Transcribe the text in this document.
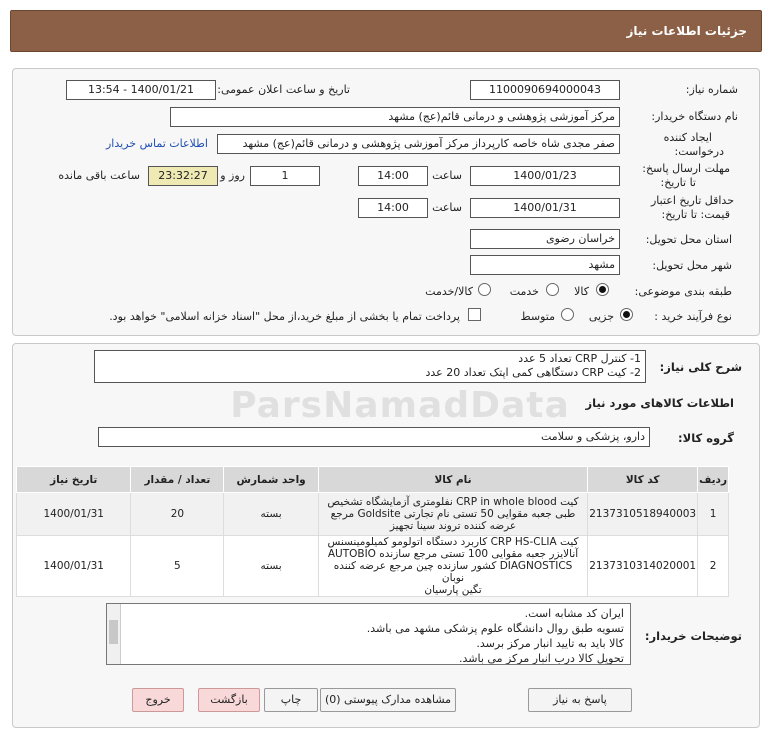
جزئیات اطلاعات نیاز
شماره نیاز:
1100090694000043
تاریخ و ساعت اعلان عمومی:
1400/01/21 - 13:54
نام دستگاه خریدار:
مرکز آموزشی پژوهشی و درمانی قائم(عج) مشهد
ایجاد کننده
درخواست:
صفر مجدی شاه خاصه کارپرداز مرکز آموزشی پژوهشی و درمانی قائم(عج) مشهد
اطلاعات تماس خریدار
مهلت ارسال پاسخ:
تا تاریخ:
1400/01/23
ساعت
14:00
1
روز و
23:32:27
ساعت باقی مانده
حداقل تاریخ اعتبار
قیمت: تا تاریخ:
1400/01/31
ساعت
14:00
استان محل تحویل:
خراسان رضوی
شهر محل تحویل:
مشهد
طبقه بندی موضوعی:
کالا
خدمت
کالا/خدمت
نوع فرآیند خرید :
جزیی
متوسط
پرداخت تمام یا بخشی از مبلغ خرید،از محل "اسناد خزانه اسلامی" خواهد بود.
شرح کلی نیاز:
1- کنترل CRP تعداد 5 عدد
2- کیت CRP دستگاهی کمی اپتک تعداد 20 عدد
اطلاعات کالاهای مورد نیاز
گروه کالا:
دارو، پزشکی و سلامت
ردیف	کد کالا	نام کالا	واحد شمارش	تعداد / مقدار	تاریخ نیاز
1	2137310518940003	کیت CRP in whole blood نفلومتری آزمایشگاه تشخیص
طبی جعبه مقوایی 50 تستی نام تجارتی Goldsite مرجع
عرضه کننده تروند سینا تجهیز	بسته	20	1400/01/31
2	2137310314020001	کیت CRP HS-CLIA کاربرد دستگاه اتولومو کمیلومینسنس
آنالایزر جعبه مقوایی 100 تستی مرجع سازنده AUTOBIO
DIAGNOSTICS کشور سازنده چین مرجع عرضه کننده نوبان
تگین پارسیان	بسته	5	1400/01/31
توضیحات خریدار:
ایران کد مشابه است.
تسویه طبق روال دانشگاه علوم پزشکی مشهد می باشد.
کالا باید به تایید انبار مرکز برسد.
تحویل کالا درب انبار مرکز می باشد.
پاسخ به نیاز
مشاهده مدارک پیوستی (0)
چاپ
بازگشت
خروج
